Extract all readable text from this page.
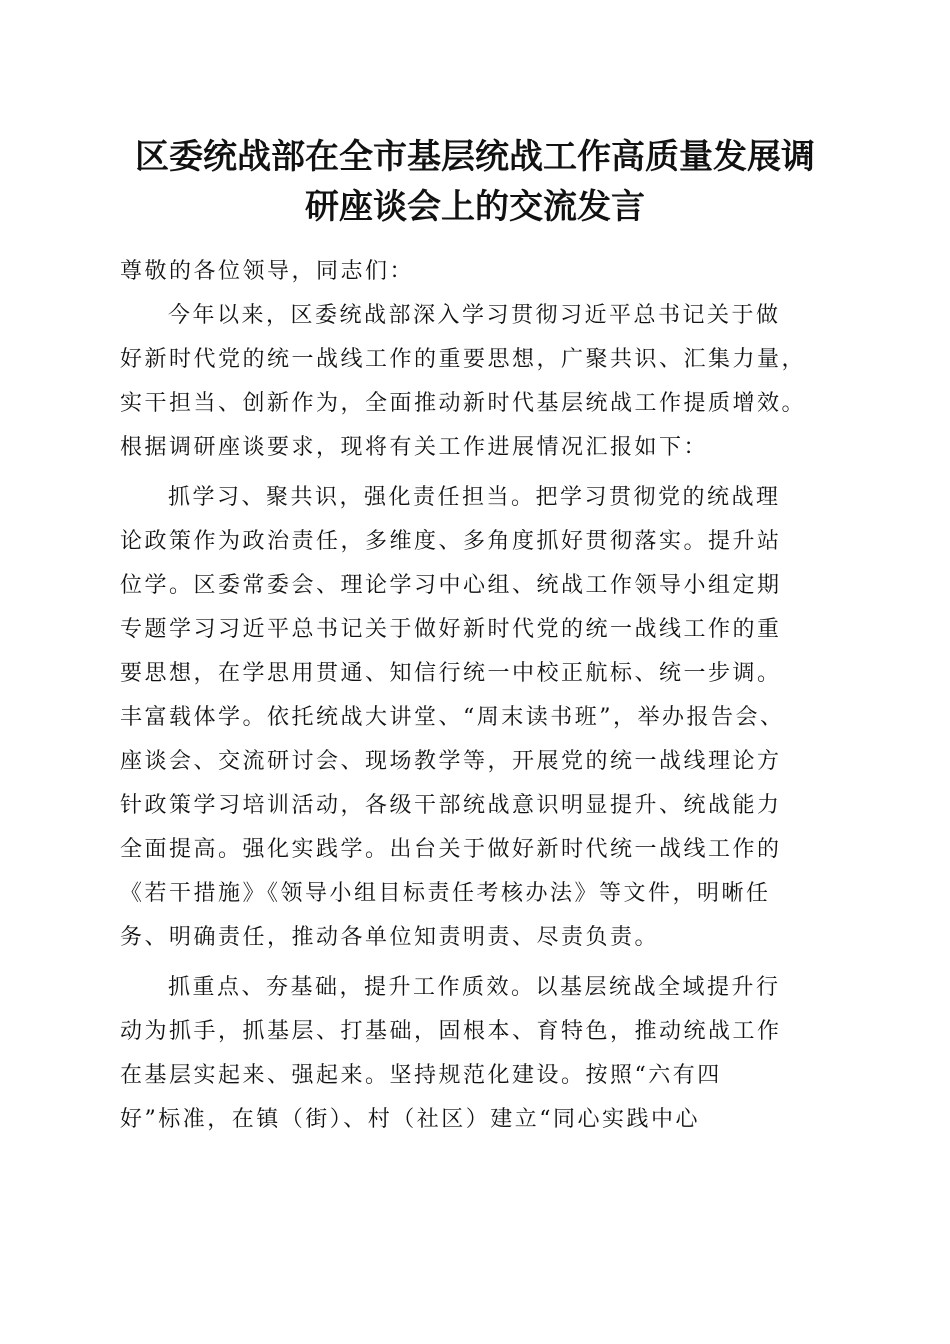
区委统战部在全市基层统战工作高质量发展调
研座谈会上的交流发言
尊敬的各位领导，同志们：
今年以来，区委统战部深入学习贯彻习近平总书记关于做
好新时代党的统一战线工作的重要思想，广聚共识、汇集力量，
实干担当、创新作为，全面推动新时代基层统战工作提质增效。
根据调研座谈要求，现将有关工作进展情况汇报如下：
抓学习、聚共识，强化责任担当。把学习贯彻党的统战理
论政策作为政治责任，多维度、多角度抓好贯彻落实。提升站
位学。区委常委会、理论学习中心组、统战工作领导小组定期
专题学习习近平总书记关于做好新时代党的统一战线工作的重
要思想，在学思用贯通、知信行统一中校正航标、统一步调。
丰富载体学。依托统战大讲堂、“周末读书班”，举办报告会、
座谈会、交流研讨会、现场教学等，开展党的统一战线理论方
针政策学习培训活动，各级干部统战意识明显提升、统战能力
全面提高。强化实践学。出台关于做好新时代统一战线工作的
《若干措施》《领导小组目标责任考核办法》等文件，明晰任
务、明确责任，推动各单位知责明责、尽责负责。
抓重点、夯基础，提升工作质效。以基层统战全域提升行
动为抓手，抓基层、打基础，固根本、育特色，推动统战工作
在基层实起来、强起来。坚持规范化建设。按照“六有四
好”标准，在镇（街）、村（社区）建立“同心实践中心
